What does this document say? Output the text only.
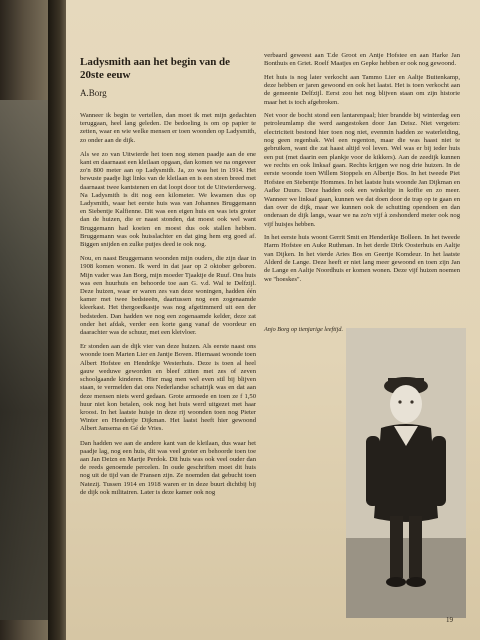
Ladysmith aan het begin van de 20ste eeuw
A.Borg

Wanneer ik begin te vertellen, dan moet ik met mijn gedachten teruggaan, heel lang geleden. De bedoeling is om op papier te zetten, waar en wie welke mensen er toen woonden op Ladysmith, zo onder aan de dijk.

Als we zo van Uitwierde het toen nog stenen paadje aan de ene kant en daarnaast een kleilaan opgaan, dan komen we na ongeveer zo'n 800 meter aan op Ladysmith. Ja, zo was het in 1914. Het bewuste paadje ligt links van de kleilaan en is een steen breed met daarnaast twee kantstenen en dat loopt door tot de Uitwierderweg. Na Ladysmith is dit nog een kilometer. We kwamen dus op Ladysmith, waar het eerste huis was van Johannes Bruggemann en Siebentje Kalfienne. Dit was een eigen huis en was iets groter dan de huizen, die er naast stonden, dat moest ook wel want Bruggemann had koeien en moest dus ook stallen hebben. Bruggemann was ook huisslachter en dat ging hem erg goed af. Biggen snijden en zulke putjes deed ie ook nog.

Nou, en naast Bruggemann woonden mijn ouders, die zijn daar in 1908 komen wonen. Ik werd in dat jaar op 2 oktober geboren. Mijn vader was Jan Borg, mijn moeder Tjaaktje de Ruuf. Ons huis was een huurhuis en behoorde toe aan G. v.d. Wal te Delfzijl. Deze huizen, waar er waren zes van deze woningen, hadden één kamer met twee bedsteeën, daartussen nog een zogenaamde kleerkast. Het thergoedkastje was nog afgetimmerd uit een der bedsteden. Dan hadden we nog een zogenaamde kelder, deze zat onder het afdak, verder een korte gang vanaf de voordeur en daarachter was de schuur, met een kleivloer.

Er stonden aan de dijk vier van deze huizen. Als eerste naast ons woonde toen Marten Lier en Jantje Boven. Hiernaast woonde toen Albert Hofstee en Hendrikje Westerhuis. Deze is toen al heel gauw weduwe geworden en bleef zitten met zes of zeven schoolgaande kinderen. Hier mag men wel even stil bij blijven staan, te vermelden dat ons Nederlandse schatrijk was en dat aan deze mensen niets werd gedaan. Grote armoede en toen ze f 1,50 huur niet kon betalen, ook nog het huis werd uitgezet met haar kroost. In het laatste huisje in deze rij woonden toen nog Pieter Winter en Hendertje Dijkman. Het laatst heeft hier gewoond Albert Jansema en Gé de Vries.

Dan hadden we aan de andere kant van de kleilaan, dus waar het paadje lag, nog een huis, dit was veel groter en behoorde toen toe aan Jan Deizn en Martje Perdok. Dit huis was ook veel ouder dan de reeds genoemde percelen. In oude geschriften moet dit huis nog uit de tijd van de Fransen zijn. Ze noemden dat gebucht toen Natezij. Tussen 1914 en 1918 waren er in deze buurt dichtbij bij de dijk ook militairen. Later is deze kamer ook nog

verbaard geweest aan T.de Groot en Antje Hofstee en aan Harke Jan Bonthuis en Griet. Roelf Maatjes en Gepke hebben er ook nog gewoond.

Het huis is nog later verkocht aan Tammo Lier en Aaltje Buitenkamp, deze hebben er jaren gewoond en ook het laatst. Het is toen verkocht aan de gemeente Delfzijl. Eerst zou het nog blijven staan om zijn historie maar het is toch afgebroken.

Net voor de bocht stond een lantarenpaal; hier brandde bij winterdag een petroleumlamp die werd aangestoken door Jan Deisz. Niet vergeten: electriciteit bestond hier toen nog niet, evenmin hadden ze waterleiding, nog geen regenbak. Wel een regenton, maar die was haast niet te gebruiken, want die zat haast altijd vol leven. Wel was er bij ieder huis een put (met daarin een plankje voor de kikkers). Aan de zeedijk kunnen we rechts en ook linksaf gaan. Rechts krijgen we nog drie huizen. In de eerste woonde toen Willem Stoppels en Albertje Bos. In het tweede Piet Hofstee en Siebentje Hommes. In het laatste huis woonde Jan Dijkman en Aafke Duurs. Deze hadden ook een winkeltje in koffie en zo meer. Wanneer we linksaf gaan, kunnen we dat doen door de trap op te gaan en dan over de dijk, maar we kunnen ook de schutting opendoen en dan onderaan de dijk langs, waar we na zo'n vijf à zeshonderd meter ook nog vijf huisjes hebben.

In het eerste huis woont Gerrit Smit en Henderikje Bolleen. In het tweede Harm Hofstee en Auke Ruthman. In het derde Dirk Oosterhuis en Aaltje van Dijken. In het vierde Aries Bos en Geertje Komdeur. In het laatste Alderd de Lange. Deze heeft er niet lang meer gewoond en toen zijn Jan de Lange en Aaltje Noordhuis er komen wonen. Deze vijf huizen noemen we "hoeskes".

Anjo Borg op tienjarige leeftijd.
19
